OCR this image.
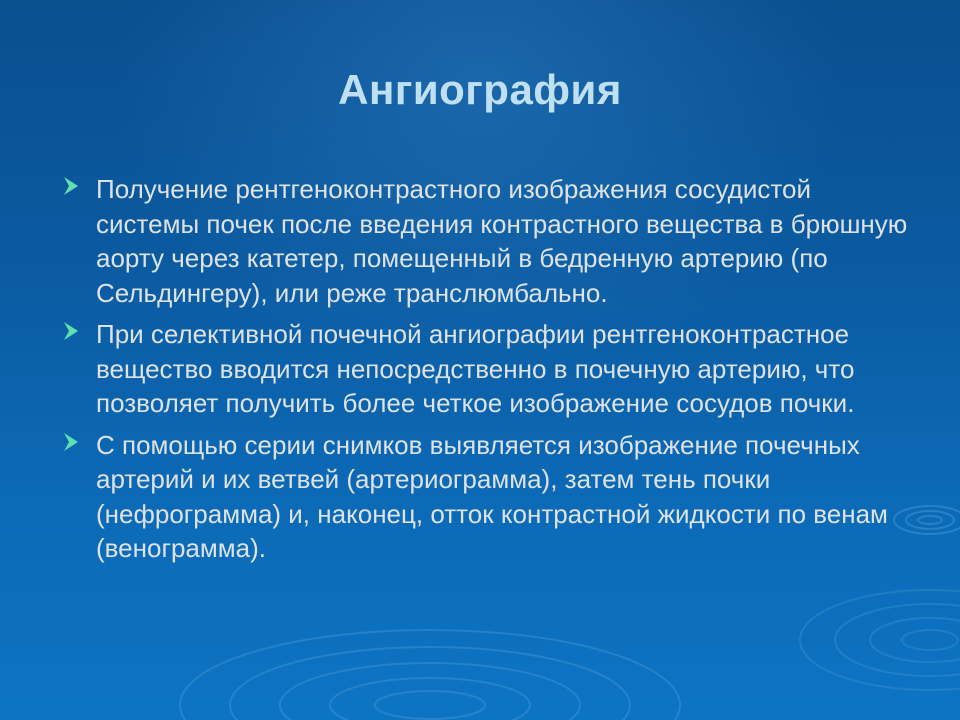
Ангиография
Получение рентгеноконтрастного изображения сосудистой системы почек после введения контрастного вещества в брюшную аорту через катетер, помещенный в бедренную артерию (по Сельдингеру), или реже транслюмбально.
При селективной почечной ангиографии рентгеноконтрастное вещество вводится непосредственно в почечную артерию, что позволяет получить более четкое изображение сосудов почки.
С помощью серии снимков выявляется изображение почечных артерий и их ветвей (артериограмма), затем тень почки (нефрограмма) и, наконец, отток контрастной жидкости по венам (венограмма).
